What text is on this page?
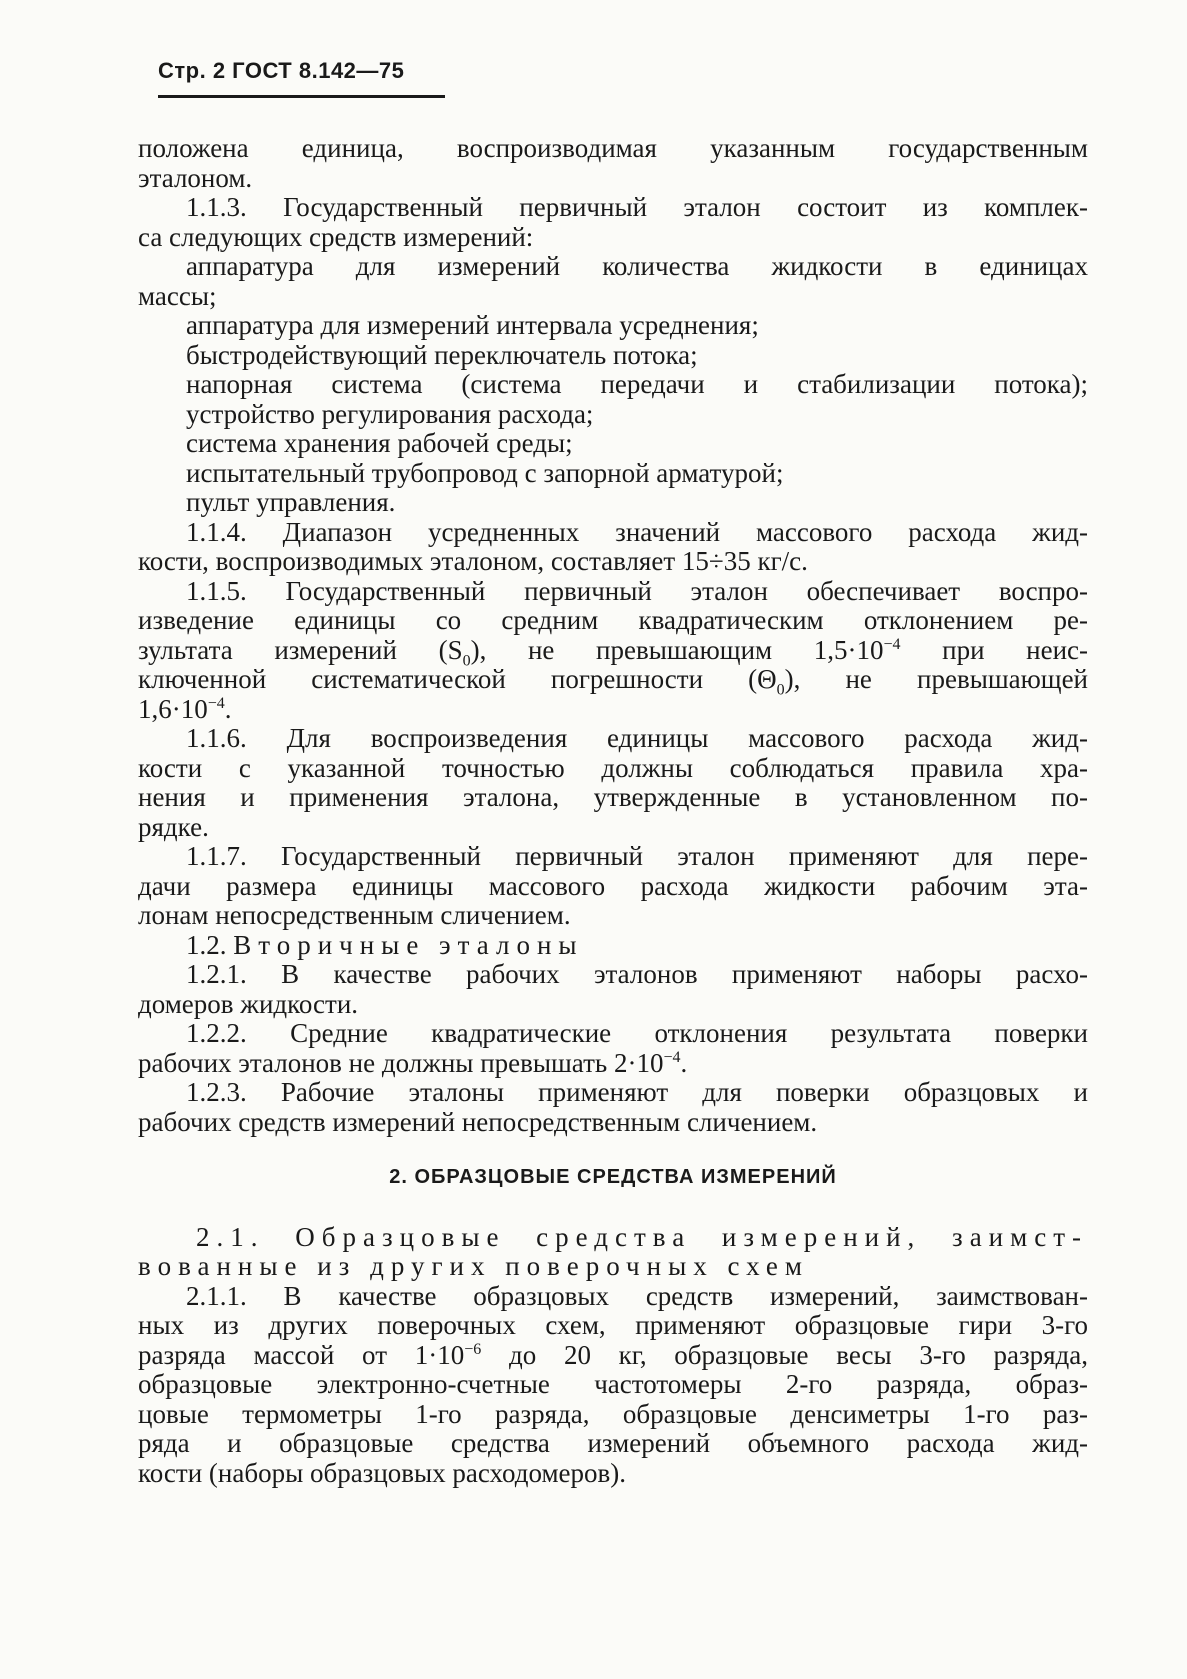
Стр. 2 ГОСТ 8.142—75
положена единица, воспроизводимая указанным государственным
эталоном.
1.1.3. Государственный первичный эталон состоит из комплек-
са следующих средств измерений:
аппаратура для измерений количества жидкости в единицах
массы;
аппаратура для измерений интервала усреднения;
быстродействующий переключатель потока;
напорная система (система передачи и стабилизации потока);
устройство регулирования расхода;
система хранения рабочей среды;
испытательный трубопровод с запорной арматурой;
пульт управления.
1.1.4. Диапазон усредненных значений массового расхода жид-
кости, воспроизводимых эталоном, составляет 15÷35 кг/с.
1.1.5. Государственный первичный эталон обеспечивает воспро-
изведение единицы со средним квадратическим отклонением ре-
зультата измерений $(S_0)$, не превышающим $1,5\cdot 10^{-4}$ при неис-
ключенной систематической погрешности $(\Theta_0)$, не превышающей
$1,6\cdot 10^{-4}$.
1.1.6. Для воспроизведения единицы массового расхода жид-
кости с указанной точностью должны соблюдаться правила хра-
нения и применения эталона, утвержденные в установленном по-
рядке.
1.1.7. Государственный первичный эталон применяют для пере-
дачи размера единицы массового расхода жидкости рабочим эта-
лонам непосредственным сличением.
1.2. Вторичные эталоны
1.2.1. В качестве рабочих эталонов применяют наборы расхо-
домеров жидкости.
1.2.2. Средние квадратические отклонения результата поверки
рабочих эталонов не должны превышать $2\cdot 10^{-4}$.
1.2.3. Рабочие эталоны применяют для поверки образцовых и
рабочих средств измерений непосредственным сличением.
2. ОБРАЗЦОВЫЕ СРЕДСТВА ИЗМЕРЕНИЙ
2.1. Образцовые средства измерений, заимст-
вованные из других поверочных схем
2.1.1. В качестве образцовых средств измерений, заимствован-
ных из других поверочных схем, применяют образцовые гири 3-го
разряда массой от $1\cdot 10^{-6}$ до 20 кг, образцовые весы 3-го разряда,
образцовые электронно-счетные частотомеры 2-го разряда, образ-
цовые термометры 1-го разряда, образцовые денсиметры 1-го раз-
ряда и образцовые средства измерений объемного расхода жид-
кости (наборы образцовых расходомеров).
